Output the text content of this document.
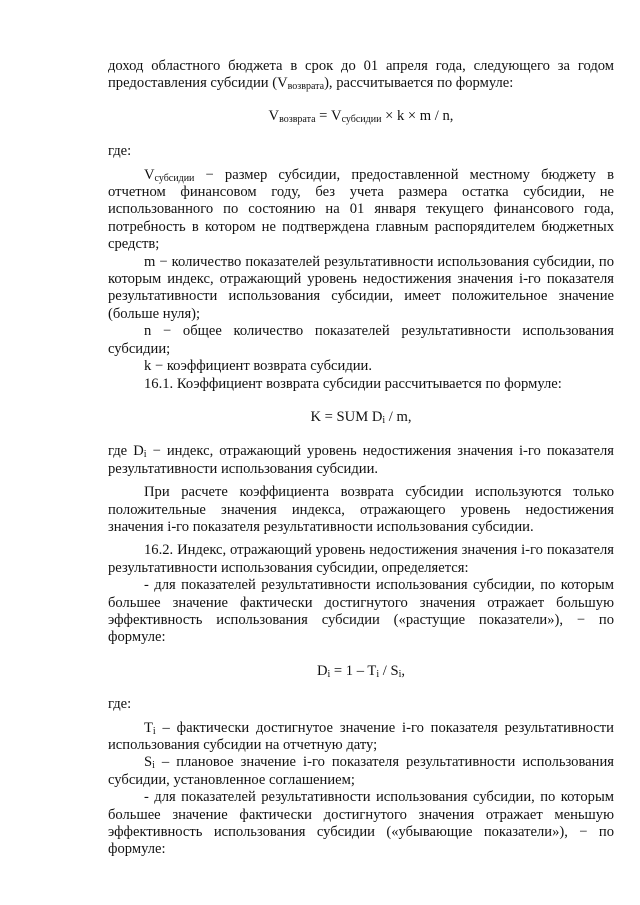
доход областного бюджета в срок до 01 апреля года, следующего за годом предоставления субсидии $(V_{возврата})$, рассчитывается по формуле:

$V_{возврата} = V_{субсидии} \times k \times m / n$,

где:

$V_{субсидии}$ − размер субсидии, предоставленной местному бюджету в отчетном финансовом году, без учета размера остатка субсидии, не использованного по состоянию на 01 января текущего финансового года, потребность в котором не подтверждена главным распорядителем бюджетных средств;

m − количество показателей результативности использования субсидии, по которым индекс, отражающий уровень недостижения значения i-го показателя результативности использования субсидии, имеет положительное значение (больше нуля);

n − общее количество показателей результативности использования субсидии;

k − коэффициент возврата субсидии.

16.1. Коэффициент возврата субсидии рассчитывается по формуле:

K = SUM $D_i$ / m,

где $D_i$ − индекс, отражающий уровень недостижения значения i-го показателя результативности использования субсидии.

При расчете коэффициента возврата субсидии используются только положительные значения индекса, отражающего уровень недостижения значения i-го показателя результативности использования субсидии.

16.2. Индекс, отражающий уровень недостижения значения i-го показателя результативности использования субсидии, определяется:

- для показателей результативности использования субсидии, по которым большее значение фактически достигнутого значения отражает большую эффективность использования субсидии («растущие показатели»), − по формуле:

$D_i = 1 - T_i / S_i$,

где:

$T_i$ – фактически достигнутое значение i-го показателя результативности использования субсидии на отчетную дату;

$S_i$ – плановое значение i-го показателя результативности использования субсидии, установленное соглашением;

- для показателей результативности использования субсидии, по которым большее значение фактически достигнутого значения отражает меньшую эффективность использования субсидии («убывающие показатели»), − по формуле:
